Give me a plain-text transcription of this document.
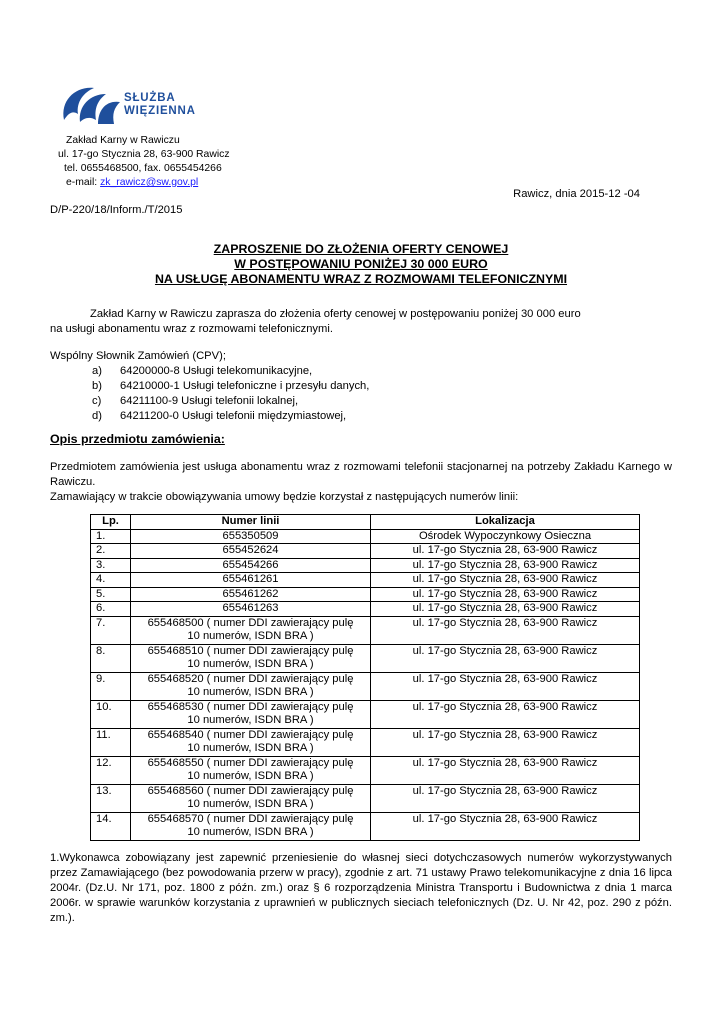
SŁUŻBA
WIĘZIENNA
Zakład Karny w Rawiczu
ul. 17-go Stycznia 28, 63-900 Rawicz
tel. 0655468500, fax. 0655454266
e-mail: zk_rawicz@sw.gov.pl
Rawicz, dnia 2015-12 -04
D/P-220/18/Inform./T/2015
ZAPROSZENIE DO ZŁOŻENIA OFERTY CENOWEJ
W POSTĘPOWANIU PONIŻEJ 30 000 EURO
NA USŁUGĘ ABONAMENTU WRAZ Z ROZMOWAMI TELEFONICZNYMI
Zakład Karny w Rawiczu zaprasza do złożenia oferty cenowej w postępowaniu poniżej 30 000 euro
na usługi abonamentu wraz z rozmowami telefonicznymi.
Wspólny Słownik Zamówień (CPV);
a) 64200000-8 Usługi telekomunikacyjne,
b) 64210000-1 Usługi telefoniczne i przesyłu danych,
c) 64211100-9 Usługi telefonii lokalnej,
d) 64211200-0 Usługi telefonii międzymiastowej,
Opis przedmiotu zamówienia:
Przedmiotem zamówienia jest usługa abonamentu wraz z rozmowami telefonii stacjonarnej na potrzeby Zakładu Karnego w Rawiczu.
Zamawiający w trakcie obowiązywania umowy będzie korzystał z następujących numerów linii:
Lp.	Numer linii	Lokalizacja
1.	655350509	Ośrodek Wypoczynkowy Osieczna
2.	655452624	ul. 17-go Stycznia 28, 63-900 Rawicz
3.	655454266	ul. 17-go Stycznia 28, 63-900 Rawicz
4.	655461261	ul. 17-go Stycznia 28, 63-900 Rawicz
5.	655461262	ul. 17-go Stycznia 28, 63-900 Rawicz
6.	655461263	ul. 17-go Stycznia 28, 63-900 Rawicz
7.	655468500 ( numer DDI zawierający pulę
10 numerów, ISDN BRA )	ul. 17-go Stycznia 28, 63-900 Rawicz
8.	655468510 ( numer DDI zawierający pulę
10 numerów, ISDN BRA )	ul. 17-go Stycznia 28, 63-900 Rawicz
9.	655468520 ( numer DDI zawierający pulę
10 numerów, ISDN BRA )	ul. 17-go Stycznia 28, 63-900 Rawicz
10.	655468530 ( numer DDI zawierający pulę
10 numerów, ISDN BRA )	ul. 17-go Stycznia 28, 63-900 Rawicz
11.	655468540 ( numer DDI zawierający pulę
10 numerów, ISDN BRA )	ul. 17-go Stycznia 28, 63-900 Rawicz
12.	655468550 ( numer DDI zawierający pulę
10 numerów, ISDN BRA )	ul. 17-go Stycznia 28, 63-900 Rawicz
13.	655468560 ( numer DDI zawierający pulę
10 numerów, ISDN BRA )	ul. 17-go Stycznia 28, 63-900 Rawicz
14.	655468570 ( numer DDI zawierający pulę
10 numerów, ISDN BRA )	ul. 17-go Stycznia 28, 63-900 Rawicz
1.Wykonawca zobowiązany jest zapewnić przeniesienie do własnej sieci dotychczasowych numerów wykorzystywanych przez Zamawiającego (bez powodowania przerw w pracy), zgodnie z art. 71 ustawy Prawo telekomunikacyjne z dnia 16 lipca 2004r. (Dz.U. Nr 171, poz. 1800 z późn. zm.) oraz § 6 rozporządzenia Ministra Transportu i Budownictwa z dnia 1 marca 2006r. w sprawie warunków korzystania z uprawnień w publicznych sieciach telefonicznych (Dz. U. Nr 42, poz. 290 z późn. zm.).
